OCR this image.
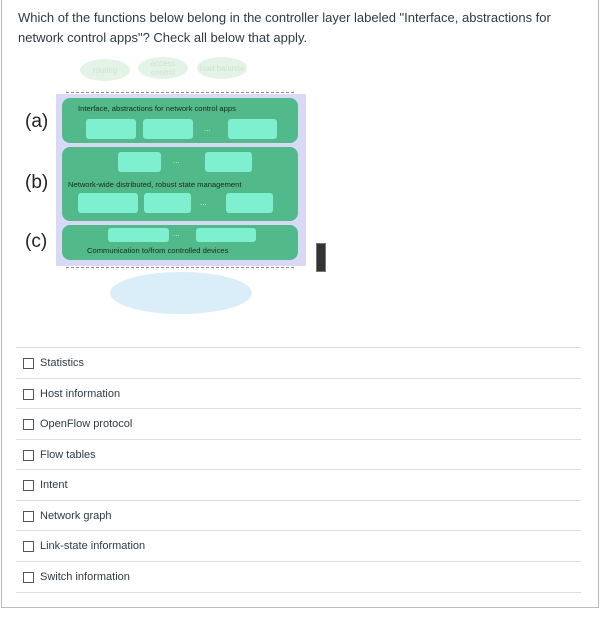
Which of the functions below belong in the controller layer labeled "Interface, abstractions for network control apps"? Check all below that apply.
routing
access control	load balance
Interface, abstractions for network control apps
...
...
Network-wide distributed, robust state management
...
...
Communication to/from controlled devices
(a)
(b)
(c)
Statistics
Host information
OpenFlow protocol
Flow tables
Intent
Network graph
Link-state information
Switch information
